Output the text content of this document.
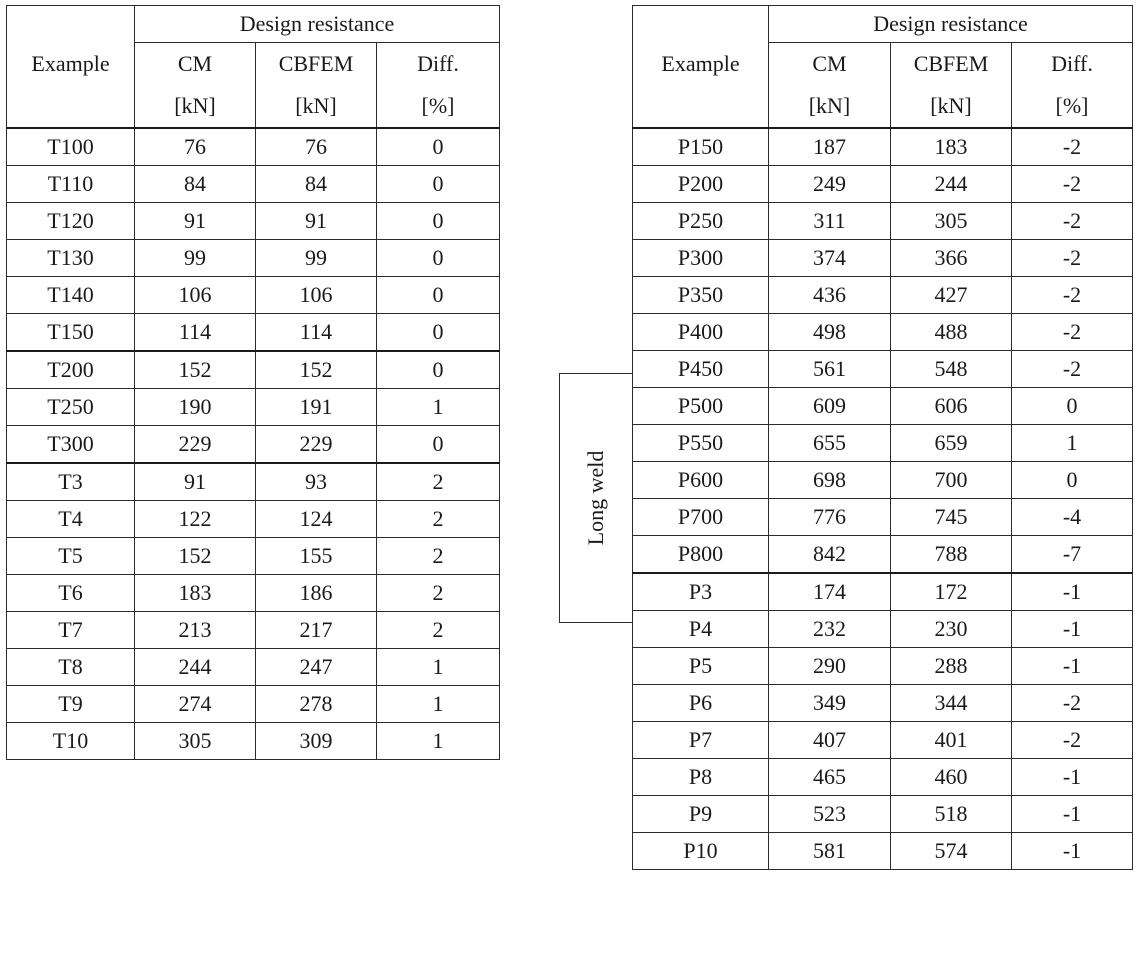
	Design resistance		
Example	CM	CBFEM	Diff.
	[kN]	[kN]	[%]
T100	76	76	0
T110	84	84	0
T120	91	91	0
T130	99	99	0
T140	106	106	0
T150	114	114	0
T200	152	152	0
T250	190	191	1
T300	229	229	0
T3	91	93	2
T4	122	124	2
T5	152	155	2
T6	183	186	2
T7	213	217	2
T8	244	247	1
T9	274	278	1
T10	305	309	1
	Design resistance		
Example	CM	CBFEM	Diff.
	[kN]	[kN]	[%]
P150	187	183	-2
P200	249	244	-2
P250	311	305	-2
P300	374	366	-2
P350	436	427	-2
P400	498	488	-2
P450	561	548	-2
P500	609	606	0
P550	655	659	1
P600	698	700	0
P700	776	745	-4
P800	842	788	-7
P3	174	172	-1
P4	232	230	-1
P5	290	288	-1
P6	349	344	-2
P7	407	401	-2
P8	465	460	-1
P9	523	518	-1
P10	581	574	-1
Long weld
